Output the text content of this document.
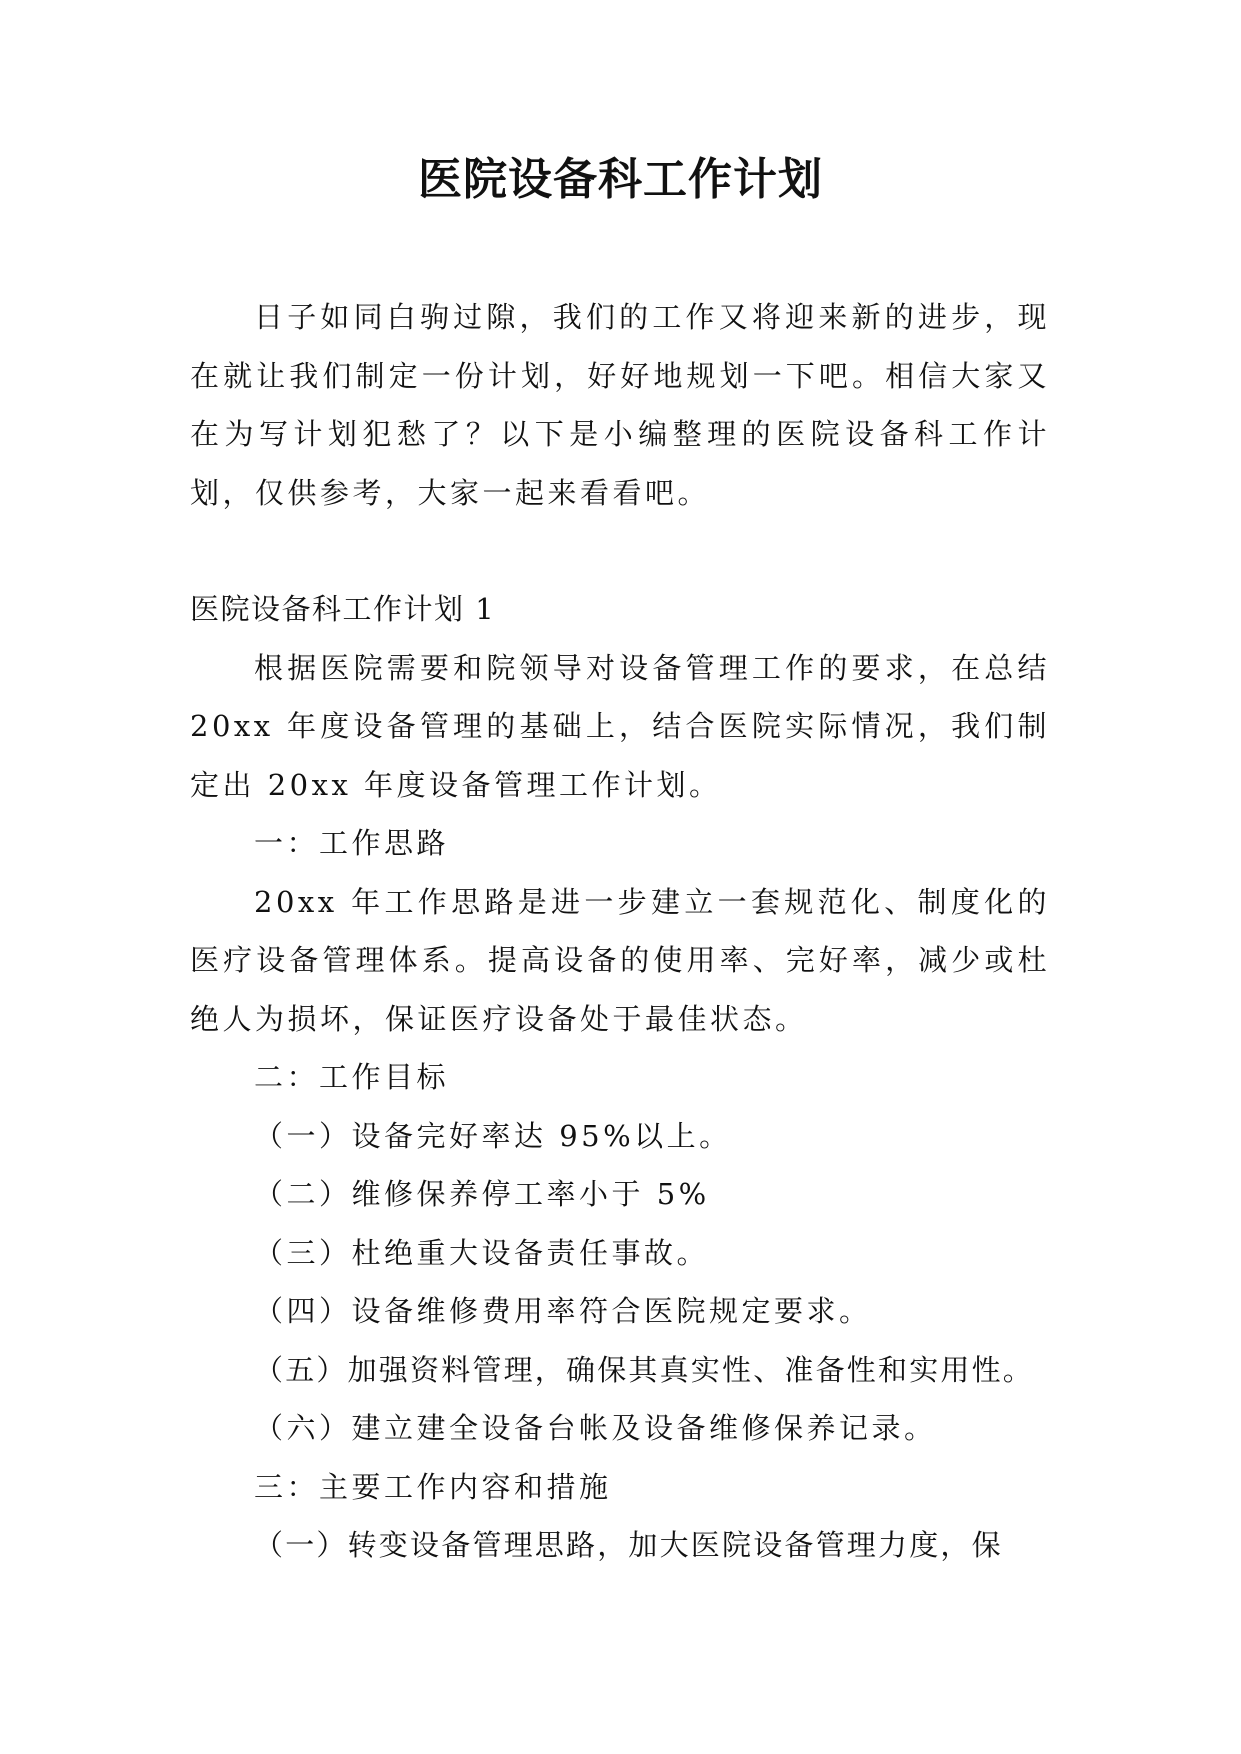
医院设备科工作计划

日子如同白驹过隙，我们的工作又将迎来新的进步，现在就让我们制定一份计划，好好地规划一下吧。相信大家又在为写计划犯愁了？以下是小编整理的医院设备科工作计划，仅供参考，大家一起来看看吧。

医院设备科工作计划 1

根据医院需要和院领导对设备管理工作的要求，在总结 20xx 年度设备管理的基础上，结合医院实际情况，我们制定出 20xx 年度设备管理工作计划。

一：工作思路

20xx 年工作思路是进一步建立一套规范化、制度化的医疗设备管理体系。提高设备的使用率、完好率，减少或杜绝人为损坏，保证医疗设备处于最佳状态。

二：工作目标

（一）设备完好率达 95%以上。

（二）维修保养停工率小于 5%

（三）杜绝重大设备责任事故。

（四）设备维修费用率符合医院规定要求。

（五）加强资料管理，确保其真实性、准备性和实用性。

（六）建立建全设备台帐及设备维修保养记录。

三：主要工作内容和措施

（一）转变设备管理思路，加大医院设备管理力度，保
